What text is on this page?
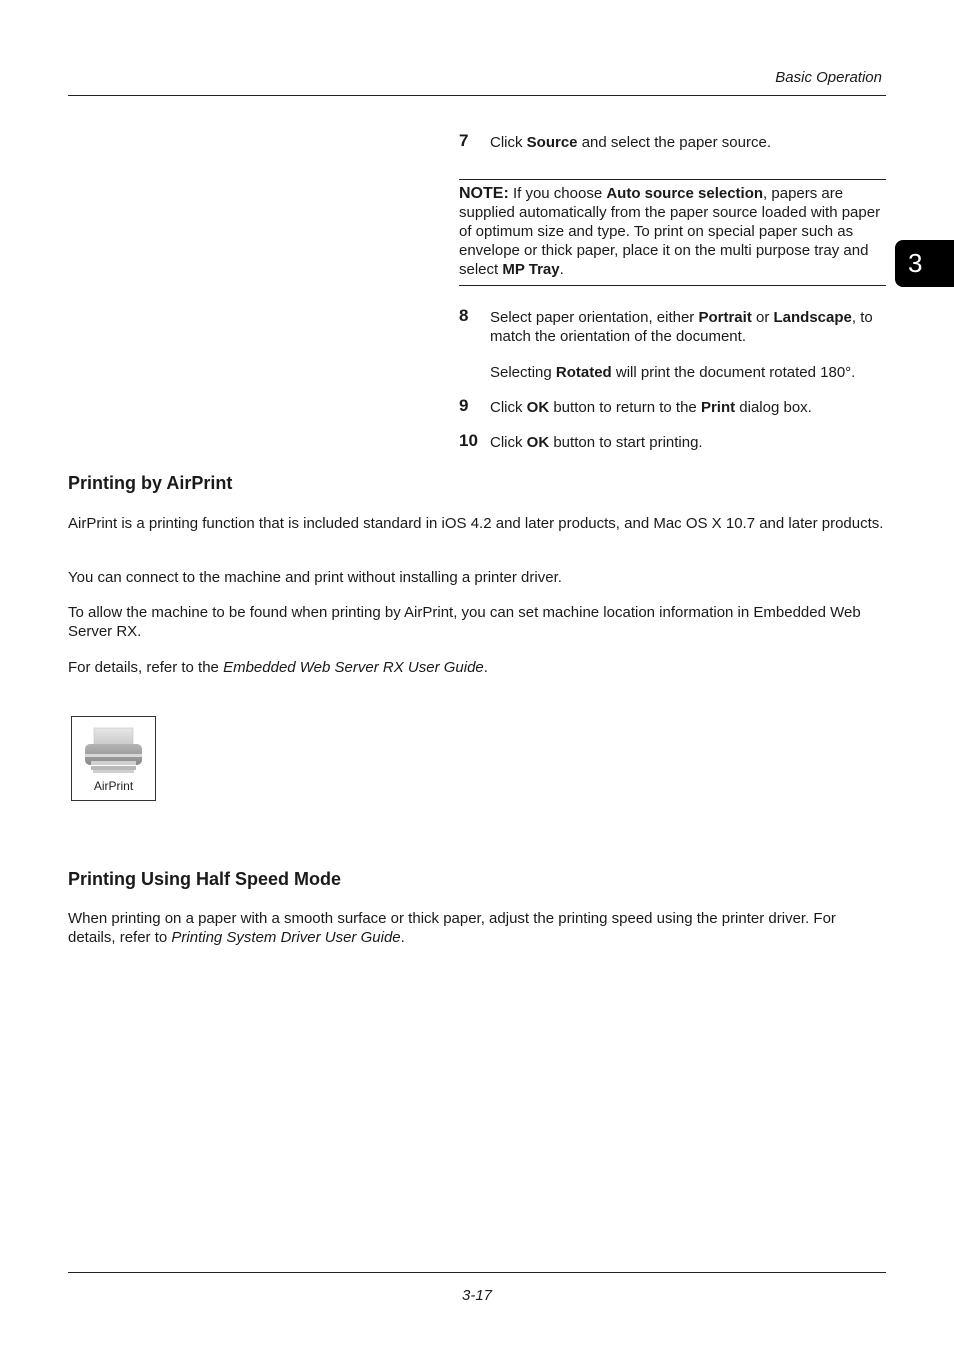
Basic Operation
3
7 Click Source and select the paper source.
NOTE: If you choose Auto source selection, papers are supplied automatically from the paper source loaded with paper of optimum size and type. To print on special paper such as envelope or thick paper, place it on the multi purpose tray and select MP Tray.
8 Select paper orientation, either Portrait or Landscape, to match the orientation of the document.
Selecting Rotated will print the document rotated 180°.
9 Click OK button to return to the Print dialog box.
10 Click OK button to start printing.
Printing by AirPrint
AirPrint is a printing function that is included standard in iOS 4.2 and later products, and Mac OS X 10.7 and later products.
You can connect to the machine and print without installing a printer driver.
To allow the machine to be found when printing by AirPrint, you can set machine location information in Embedded Web Server RX.
For details, refer to the Embedded Web Server RX User Guide.
AirPrint
Printing Using Half Speed Mode
When printing on a paper with a smooth surface or thick paper, adjust the printing speed using the printer driver. For details, refer to Printing System Driver User Guide.
3-17
